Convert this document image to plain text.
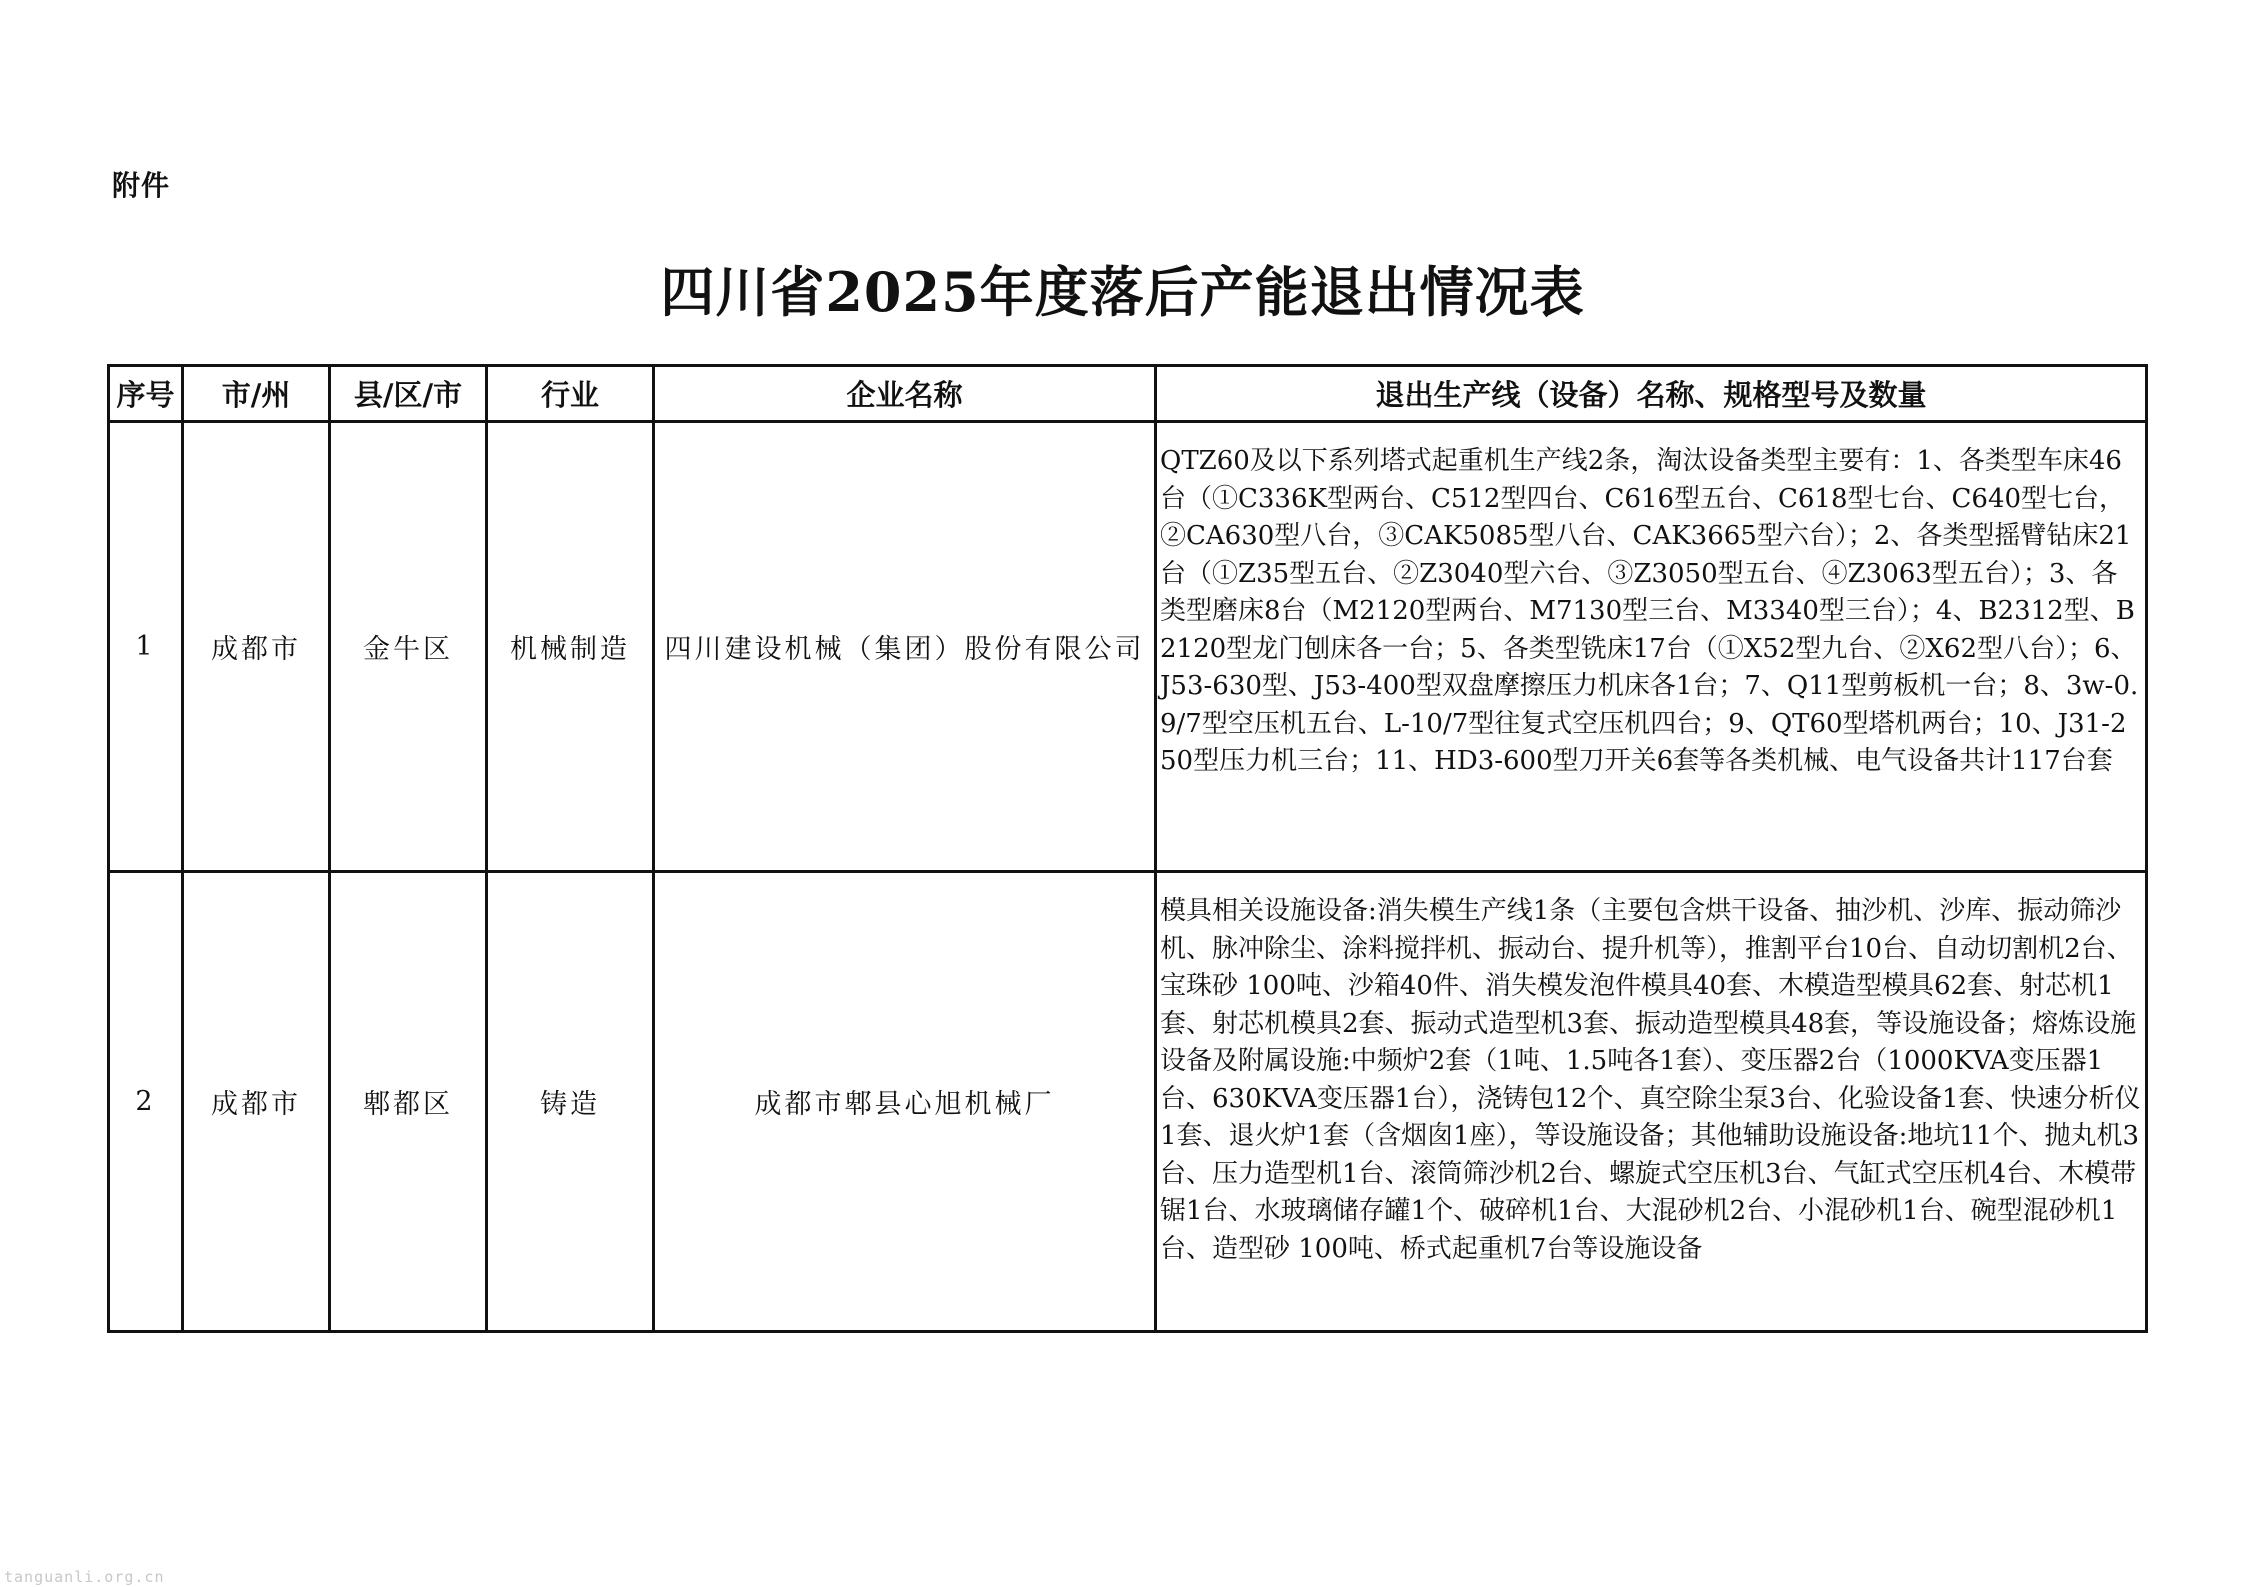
附件
四川省2025年度落后产能退出情况表
序号	市/州	县/区/市	行业	企业名称	退出生产线（设备）名称、规格型号及数量
1	成都市	金牛区	机械制造	四川建设机械（集团）股份有限公司	QTZ60及以下系列塔式起重机生产线2条，淘汰设备类型主要有：1、各类型车床46台（①C336K型两台、C512型四台、C616型五台、C618型七台、C640型七台，②CA630型八台，③CAK5085型八台、CAK3665型六台）；2、各类型摇臂钻床21台（①Z35型五台、②Z3040型六台、③Z3050型五台、④Z3063型五台）；3、各类型磨床8台（M2120型两台、M7130型三台、M3340型三台）；4、B2312型、B2120型龙门刨床各一台；5、各类型铣床17台（①X52型九台、②X62型八台）；6、J53-630型、J53-400型双盘摩擦压力机床各1台；7、Q11型剪板机一台；8、3w-0.9/7型空压机五台、L-10/7型往复式空压机四台；9、QT60型塔机两台；10、J31-250型压力机三台；11、HD3-600型刀开关6套等各类机械、电气设备共计117台套
2	成都市	郫都区	铸造	成都市郫县心旭机械厂	模具相关设施设备:消失模生产线1条（主要包含烘干设备、抽沙机、沙库、振动筛沙机、脉冲除尘、涂料搅拌机、振动台、提升机等），推割平台10台、自动切割机2台、宝珠砂 100吨、沙箱40件、消失模发泡件模具40套、木模造型模具62套、射芯机1套、射芯机模具2套、振动式造型机3套、振动造型模具48套，等设施设备；熔炼设施设备及附属设施:中频炉2套（1吨、1.5吨各1套）、变压器2台（1000KVA变压器1台、630KVA变压器1台），浇铸包12个、真空除尘泵3台、化验设备1套、快速分析仪1套、退火炉1套（含烟囱1座），等设施设备；其他辅助设施设备:地坑11个、抛丸机3台、压力造型机1台、滚筒筛沙机2台、螺旋式空压机3台、气缸式空压机4台、木模带锯1台、水玻璃储存罐1个、破碎机1台、大混砂机2台、小混砂机1台、碗型混砂机1台、造型砂 100吨、桥式起重机7台等设施设备
tanguanli.org.cn
